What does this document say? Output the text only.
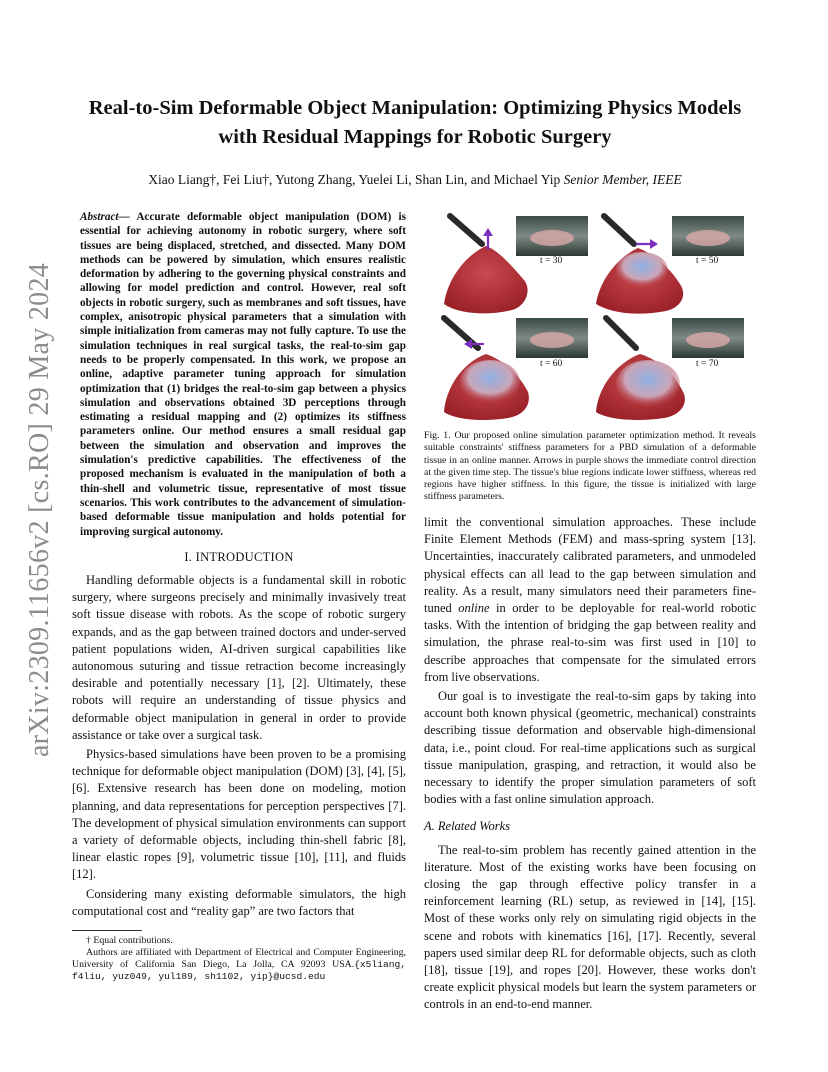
arXiv:2309.11656v2 [cs.RO] 29 May 2024
Real-to-Sim Deformable Object Manipulation: Optimizing Physics Models with Residual Mappings for Robotic Surgery
Xiao Liang†, Fei Liu†, Yutong Zhang, Yuelei Li, Shan Lin, and Michael Yip Senior Member, IEEE
Abstract— Accurate deformable object manipulation (DOM) is essential for achieving autonomy in robotic surgery, where soft tissues are being displaced, stretched, and dissected. Many DOM methods can be powered by simulation, which ensures realistic deformation by adhering to the governing physical constraints and allowing for model prediction and control. However, real soft objects in robotic surgery, such as membranes and soft tissues, have complex, anisotropic physical parameters that a simulation with simple initialization from cameras may not fully capture. To use the simulation techniques in real surgical tasks, the real-to-sim gap needs to be properly compensated. In this work, we propose an online, adaptive parameter tuning approach for simulation optimization that (1) bridges the real-to-sim gap between a physics simulation and observations obtained 3D perceptions through estimating a residual mapping and (2) optimizes its stiffness parameters online. Our method ensures a small residual gap between the simulation and observation and improves the simulation's predictive capabilities. The effectiveness of the proposed mechanism is evaluated in the manipulation of both a thin-shell and volumetric tissue, representative of most tissue scenarios. This work contributes to the advancement of simulation-based deformable tissue manipulation and holds potential for improving surgical autonomy.
I. INTRODUCTION

Handling deformable objects is a fundamental skill in robotic surgery, where surgeons precisely and minimally invasively treat soft tissue disease with robots. As the scope of robotic surgery expands, and as the gap between trained doctors and under-served patient populations widen, AI-driven surgical capabilities like autonomous suturing and tissue retraction become increasingly desirable and potentially necessary [1], [2]. Ultimately, these robots will require an understanding of tissue physics and deformable object manipulation in general in order to provide assistance or take over a surgical task.

Physics-based simulations have been proven to be a promising technique for deformable object manipulation (DOM) [3], [4], [5], [6]. Extensive research has been done on modeling, motion planning, and data representations for perception perspectives [7]. The development of physical simulation environments can support a variety of deformable objects, including thin-shell fabric [8], linear elastic ropes [9], volumetric tissue [10], [11], and fluids [12].

Considering many existing deformable simulators, the high computational cost and “reality gap” are two factors that

† Equal contributions.
Authors are affiliated with Department of Electrical and Computer Engineering, University of California San Diego, La Jolla, CA 92093 USA.{x5liang, f4liu, yuz049, yul189, sh1102, yip}@ucsd.edu
t = 30	t = 50
t = 60	t = 70
Fig. 1. Our proposed online simulation parameter optimization method. It reveals suitable constraints' stiffness parameters for a PBD simulation of a deformable tissue in an online manner. Arrows in purple shows the immediate control direction at the given time step. The tissue's blue regions indicate lower stiffness, whereas red regions have higher stiffness. In this figure, the tissue is initialized with large stiffness parameters.

limit the conventional simulation approaches. These include Finite Element Methods (FEM) and mass-spring system [13]. Uncertainties, inaccurately calibrated parameters, and unmodeled physical effects can all lead to the gap between simulation and reality. As a result, many simulators need their parameters fine-tuned online in order to be deployable for real-world robotic tasks. With the intention of bridging the gap between reality and simulation, the phrase real-to-sim was first used in [10] to describe approaches that compensate for the simulated errors from live observations.

Our goal is to investigate the real-to-sim gaps by taking into account both known physical (geometric, mechanical) constraints describing tissue deformation and observable high-dimensional data, i.e., point cloud. For real-time applications such as surgical tissue manipulation, grasping, and retraction, it would also be necessary to identify the proper simulation parameters of soft bodies with a fast online simulation approach.

A. Related Works

The real-to-sim problem has recently gained attention in the literature. Most of the existing works have been focusing on closing the gap through effective policy transfer in a reinforcement learning (RL) setup, as reviewed in [14], [15]. Most of these works only rely on simulating rigid objects in the scene and robots with kinematics [16], [17]. Recently, several papers used similar deep RL for deformable objects, such as cloth [18], tissue [19], and ropes [20]. However, these works don't create explicit physical models but learn the system parameters or controls in an end-to-end manner.
